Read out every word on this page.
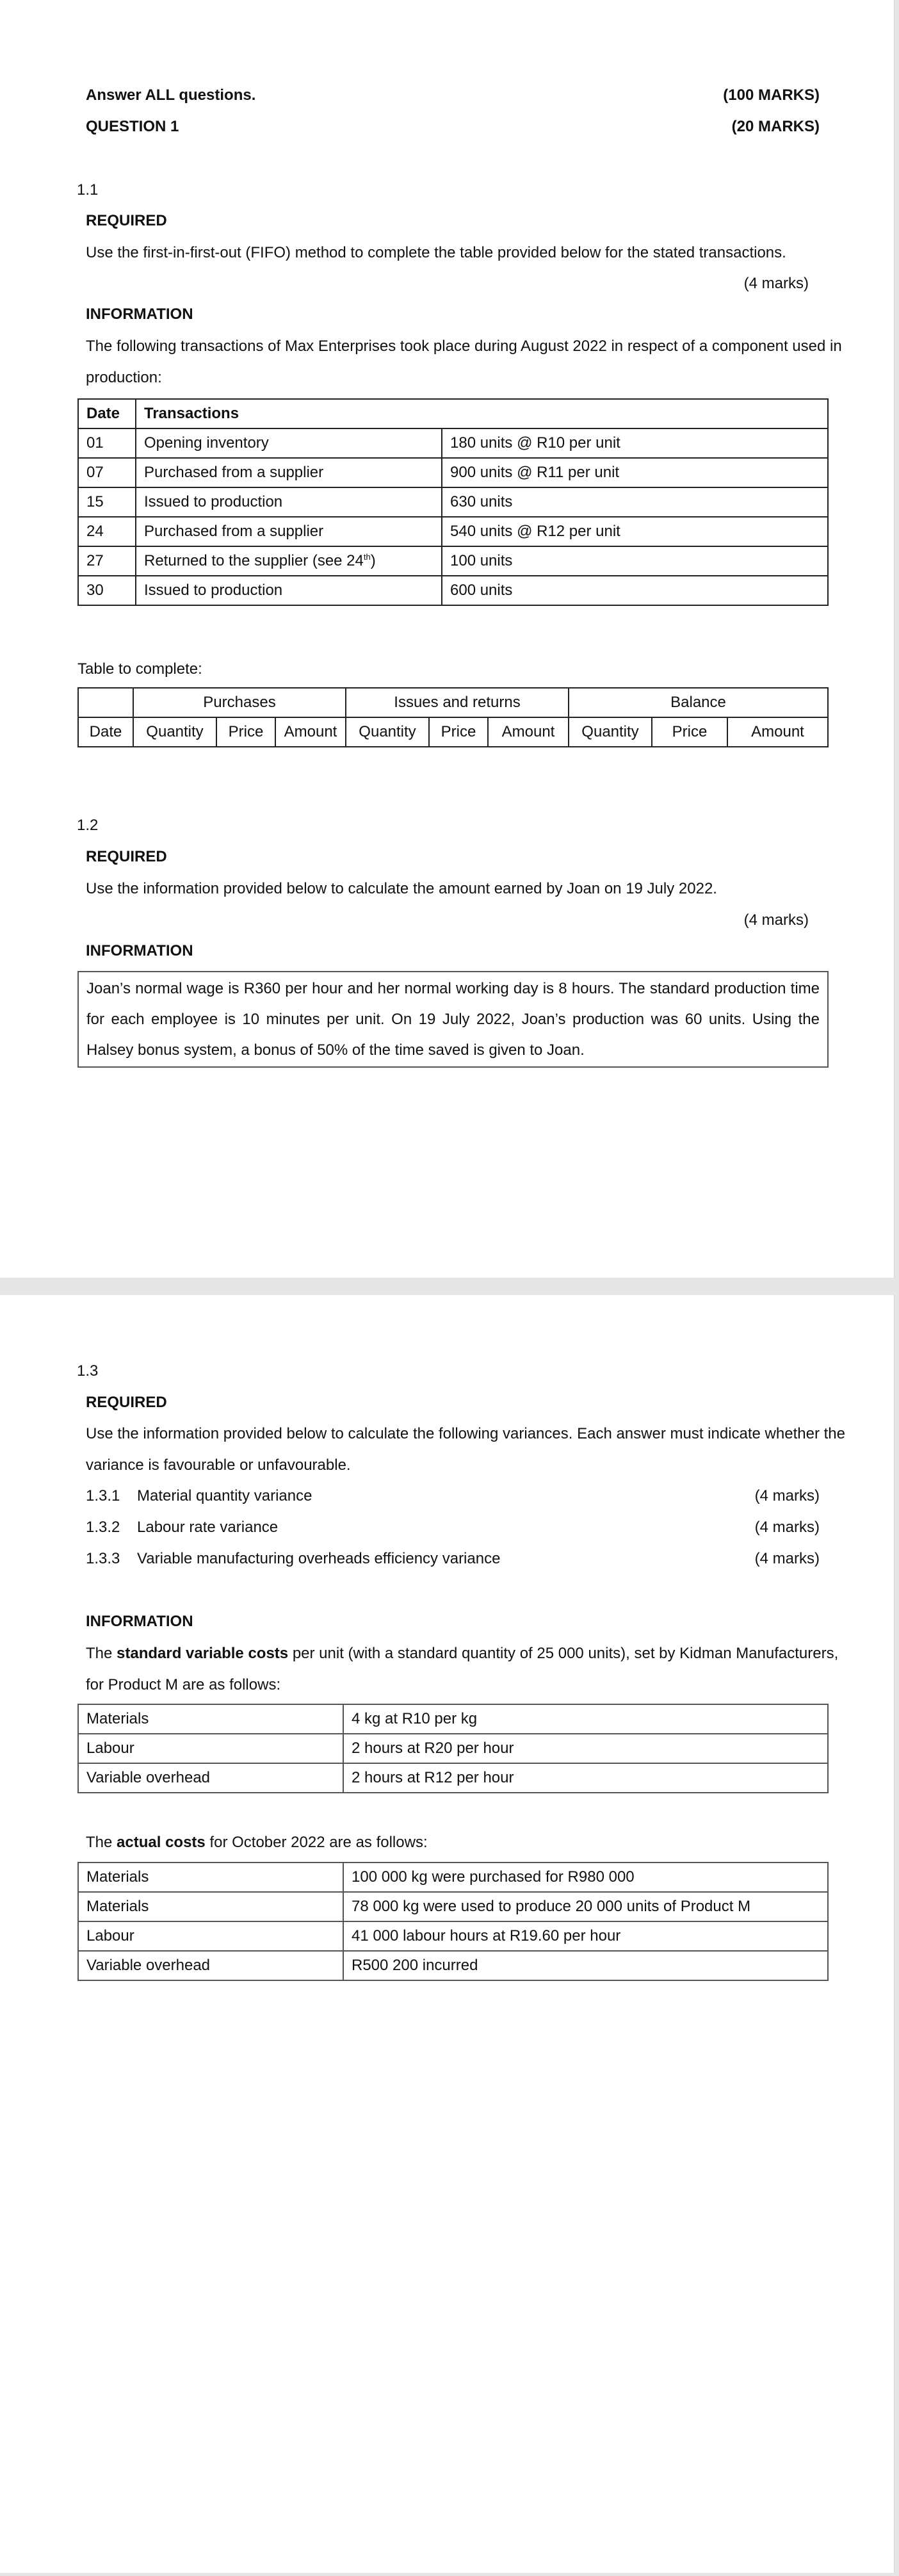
Answer ALL questions.	(100 MARKS)
QUESTION 1	(20 MARKS)
1.1
REQUIRED
Use the first-in-first-out (FIFO) method to complete the table provided below for the stated transactions.
(4 marks)
INFORMATION
The following transactions of Max Enterprises took place during August 2022 in respect of a component used in
production:
Date	Transactions	
01	Opening inventory	180 units @ R10 per unit
07	Purchased from a supplier	900 units @ R11 per unit
15	Issued to production	630 units
24	Purchased from a supplier	540 units @ R12 per unit
27	Returned to the supplier (see 24th)	100 units
30	Issued to production	600 units
Table to complete:
	Purchases			Issues and returns			Balance		
Date	Quantity	Price	Amount	Quantity	Price	Amount	Quantity	Price	Amount
1.2
REQUIRED
Use the information provided below to calculate the amount earned by Joan on 19 July 2022.
(4 marks)
INFORMATION
Joan’s normal wage is R360 per hour and her normal working day is 8 hours. The standard production time for each employee is 10 minutes per unit. On 19 July 2022, Joan’s production was 60 units. Using the Halsey bonus system, a bonus of 50% of the time saved is given to Joan.
1.3
REQUIRED
Use the information provided below to calculate the following variances. Each answer must indicate whether the
variance is favourable or unfavourable.
1.3.1 Material quantity variance	(4 marks)
1.3.2 Labour rate variance	(4 marks)
1.3.3 Variable manufacturing overheads efficiency variance	(4 marks)
INFORMATION
The standard variable costs per unit (with a standard quantity of 25 000 units), set by Kidman Manufacturers,
for Product M are as follows:
Materials	4 kg at R10 per kg
Labour	2 hours at R20 per hour
Variable overhead	2 hours at R12 per hour
The actual costs for October 2022 are as follows:
Materials	100 000 kg were purchased for R980 000
Materials	78 000 kg were used to produce 20 000 units of Product M
Labour	41 000 labour hours at R19.60 per hour
Variable overhead	R500 200 incurred
